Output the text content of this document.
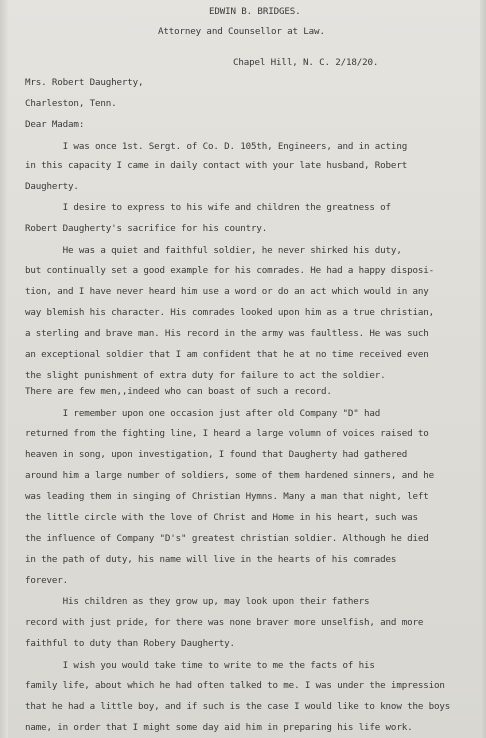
EDWIN B. BRIDGES.
Attorney and Counsellor at Law.
Chapel Hill, N. C. 2/18/20.
Mrs. Robert Daugherty,
Charleston, Tenn.
Dear Madam:
I was once 1st. Sergt. of Co. D. 105th, Engineers, and in acting
in this capacity I came in daily contact with your late husband, Robert
Daugherty.
I desire to express to his wife and children the greatness of
Robert Daugherty's sacrifice for his country.
He was a quiet and faithful soldier, he never shirked his duty,
but continually set a good example for his comrades. He had a happy disposi-
tion, and I have never heard him use a word or do an act which would in any
way blemish his character. His comrades looked upon him as a true christian,
a sterling and brave man. His record in the army was faultless. He was such
an exceptional soldier that I am confident that he at no time received even
the slight punishment of extra duty for failure to act the soldier.
There are few men,,indeed who can boast of such a record.
I remember upon one occasion just after old Company "D" had
returned from the fighting line, I heard a large volumn of voices raised to
heaven in song, upon investigation, I found that Daugherty had gathered
around him a large number of soldiers, some of them hardened sinners, and he
was leading them in singing of Christian Hymns. Many a man that night, left
the little circle with the love of Christ and Home in his heart, such was
the influence of Company "D's" greatest christian soldier. Although he died
in the path of duty, his name will live in the hearts of his comrades
forever.
His children as they grow up, may look upon their fathers
record with just pride, for there was none braver more unselfish, and more
faithful to duty than Robery Daugherty.
I wish you would take time to write to me the facts of his
family life, about which he had often talked to me. I was under the impression
that he had a little boy, and if such is the case I would like to know the boys
name, in order that I might some day aid him in preparing his life work.
